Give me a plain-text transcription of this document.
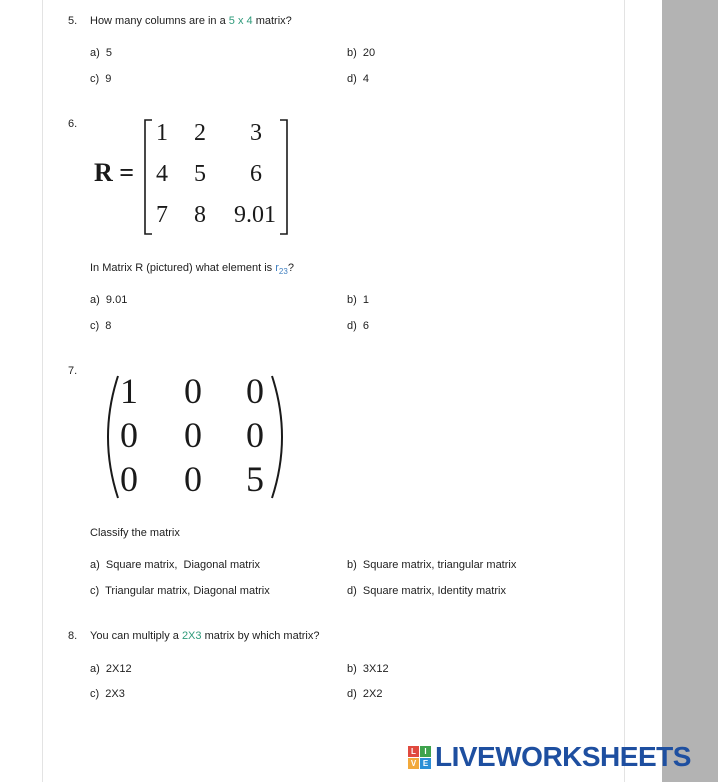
5. How many columns are in a 5 x 4 matrix?
a) 5	b) 20
c) 9	d) 4
6.
R =
1 2 3
4 5 6
7 8 9.01
In Matrix R (pictured) what element is $r_{23}$?
a) 9.01	b) 1
c) 8	d) 6
7. 1 0 0
0 0 0
0 0 5
Classify the matrix
a) Square matrix,  Diagonal matrix	b) Square matrix, triangular matrix
c) Triangular matrix, Diagonal matrix	d) Square matrix, Identity matrix
8. You can multiply a 2X3 matrix by which matrix?
a) 2X12	b) 3X12
c) 2X3	d) 2X2
L	I
V E LIVEWORKSHEETS
